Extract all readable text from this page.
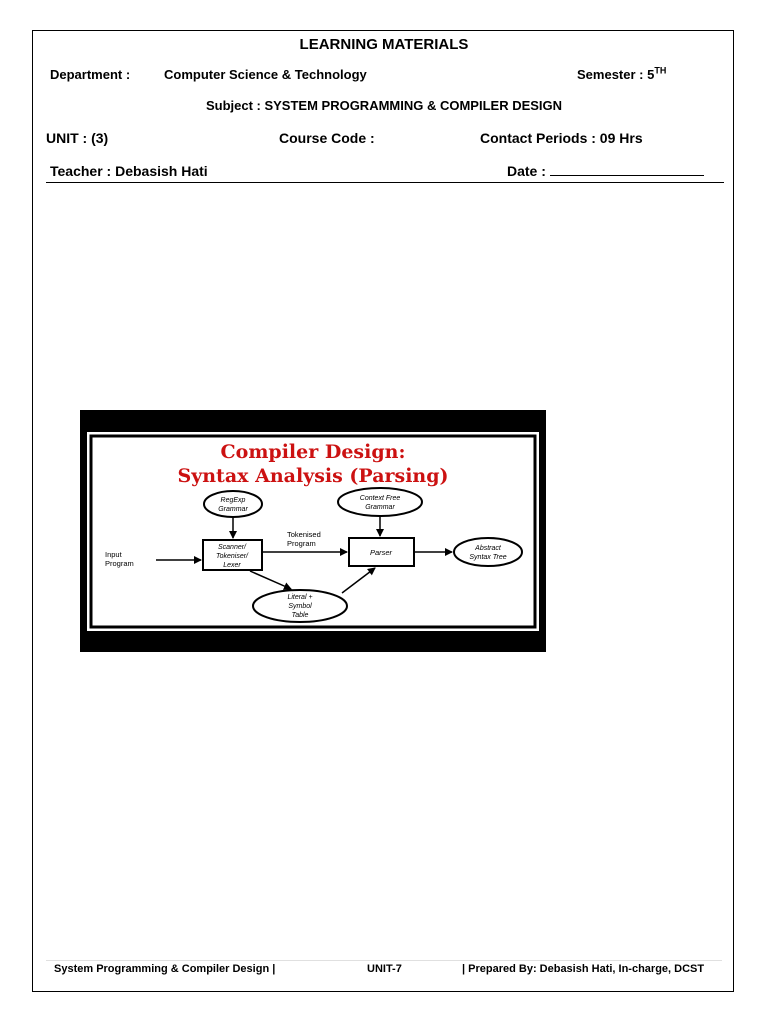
LEARNING MATERIALS
Department :	Computer Science & Technology	Semester : 5TH
Subject : SYSTEM PROGRAMMING & COMPILER DESIGN
UNIT : (3)	Course Code :	Contact Periods : 09 Hrs
Teacher : Debasish Hati	Date :
Compiler Design:
Syntax Analysis (Parsing)
RegExp
Grammar
Context Free
Grammar
Input
Program
Scanner/
Tokeniser/
Lexer
Tokenised
Program
Parser	Abstract
Syntax Tree
Literal +
Symbol
Table
System Programming & Compiler Design |	UNIT-7	| Prepared By: Debasish Hati, In-charge, DCST
